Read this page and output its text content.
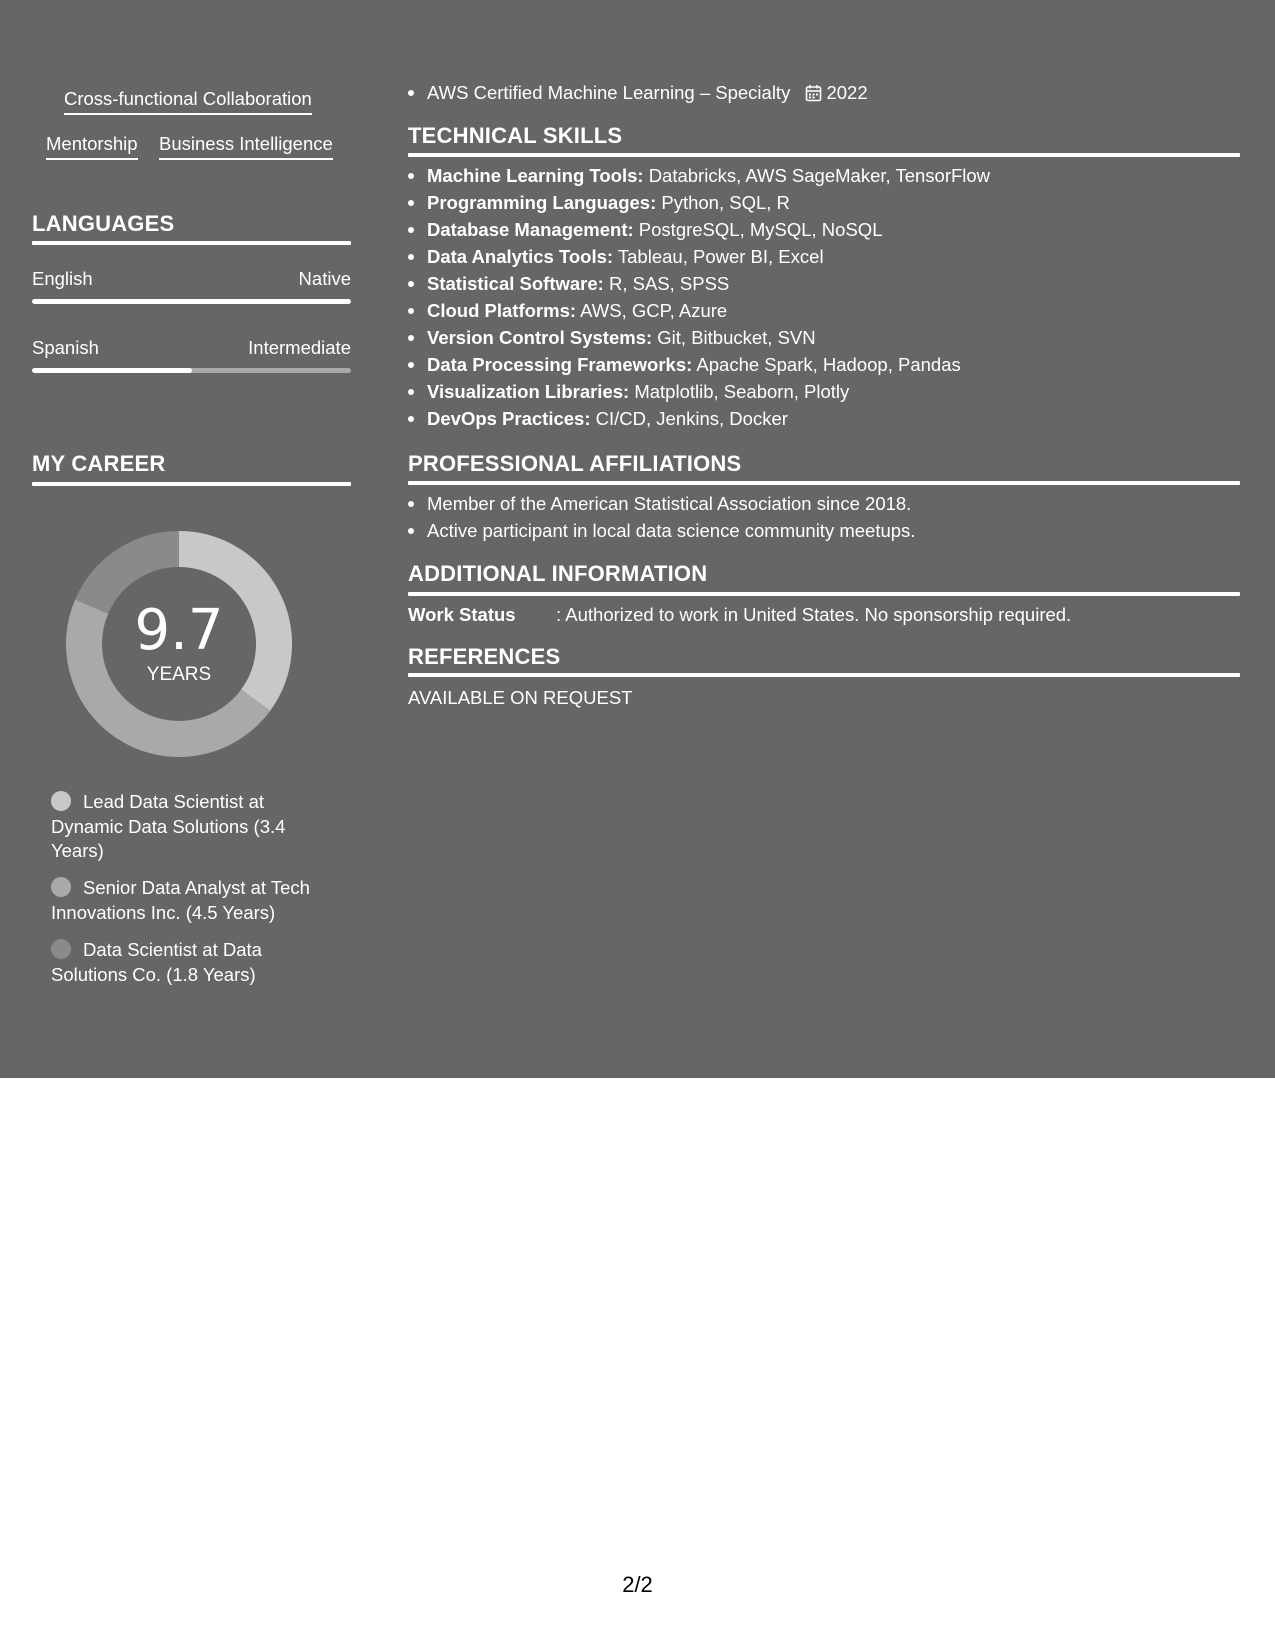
Cross-functional Collaboration
Mentorship Business Intelligence
LANGUAGES
English	Native
Spanish	Intermediate
MY CAREER
9.7
YEARS
Lead Data Scientist at Dynamic Data Solutions (3.4 Years)
Senior Data Analyst at Tech Innovations Inc. (4.5 Years)
Data Scientist at Data Solutions Co. (1.8 Years)
AWS Certified Machine Learning – Specialty 2022
TECHNICAL SKILLS
Machine Learning Tools: Databricks, AWS SageMaker, TensorFlow
Programming Languages: Python, SQL, R
Database Management: PostgreSQL, MySQL, NoSQL
Data Analytics Tools: Tableau, Power BI, Excel
Statistical Software: R, SAS, SPSS
Cloud Platforms: AWS, GCP, Azure
Version Control Systems: Git, Bitbucket, SVN
Data Processing Frameworks: Apache Spark, Hadoop, Pandas
Visualization Libraries: Matplotlib, Seaborn, Plotly
DevOps Practices: CI/CD, Jenkins, Docker
PROFESSIONAL AFFILIATIONS
Member of the American Statistical Association since 2018.
Active participant in local data science community meetups.
ADDITIONAL INFORMATION
Work Status : Authorized to work in United States. No sponsorship required.
REFERENCES
AVAILABLE ON REQUEST
2/2
